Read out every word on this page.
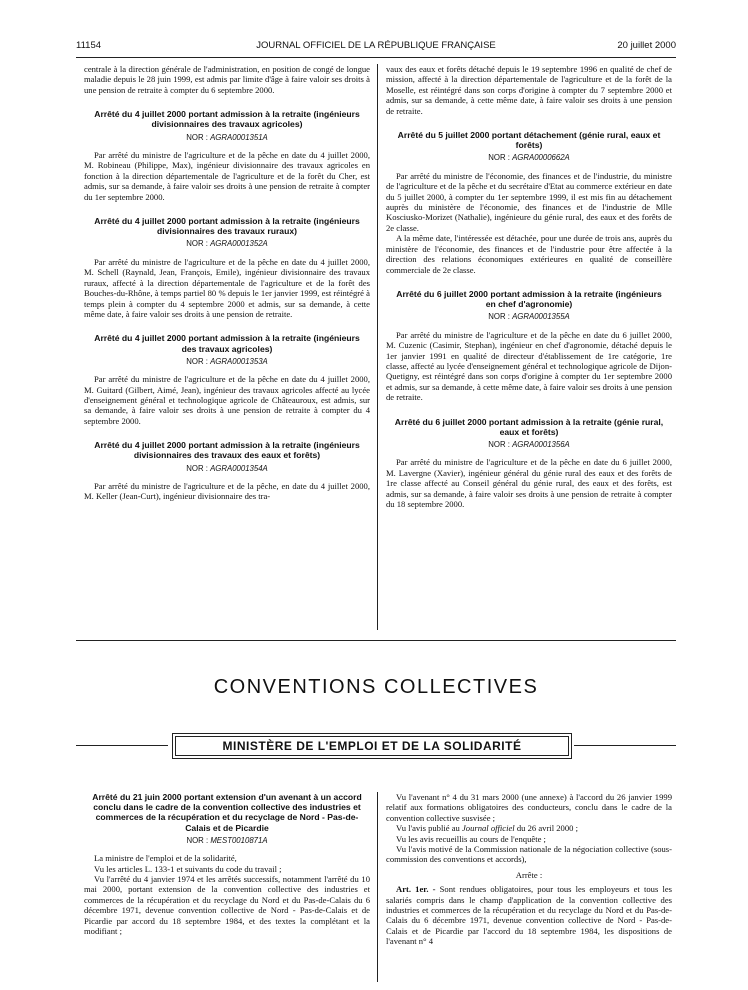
11154	JOURNAL OFFICIEL DE LA RÉPUBLIQUE FRANÇAISE	20 juillet 2000

centrale à la direction générale de l'administration, en position de congé de longue maladie depuis le 28 juin 1999, est admis par limite d'âge à faire valoir ses droits à une pension de retraite à compter du 6 septembre 2000.

Arrêté du 4 juillet 2000 portant admission à la retraite (ingénieurs divisionnaires des travaux agricoles)
NOR : AGRA0001351A

Par arrêté du ministre de l'agriculture et de la pêche en date du 4 juillet 2000, M. Robineau (Philippe, Max), ingénieur divisionnaire des travaux agricoles en fonction à la direction départementale de l'agriculture et de la forêt du Cher, est admis, sur sa demande, à faire valoir ses droits à une pension de retraite à compter du 1er septembre 2000.

Arrêté du 4 juillet 2000 portant admission à la retraite (ingénieurs divisionnaires des travaux ruraux)
NOR : AGRA0001352A

Par arrêté du ministre de l'agriculture et de la pêche en date du 4 juillet 2000, M. Schell (Raynald, Jean, François, Emile), ingénieur divisionnaire des travaux ruraux, affecté à la direction départementale de l'agriculture et de la forêt des Bouches-du-Rhône, à temps partiel 80 % depuis le 1er janvier 1999, est réintégré à temps plein à compter du 4 septembre 2000 et admis, sur sa demande, à cette même date, à faire valoir ses droits à une pension de retraite.

Arrêté du 4 juillet 2000 portant admission à la retraite (ingénieurs des travaux agricoles)
NOR : AGRA0001353A

Par arrêté du ministre de l'agriculture et de la pêche en date du 4 juillet 2000, M. Guitard (Gilbert, Aimé, Jean), ingénieur des travaux agricoles affecté au lycée d'enseignement général et technologique agricole de Châteauroux, est admis, sur sa demande, à faire valoir ses droits à une pension de retraite à compter du 4 septembre 2000.

Arrêté du 4 juillet 2000 portant admission à la retraite (ingénieurs divisionnaires des travaux des eaux et forêts)
NOR : AGRA0001354A

Par arrêté du ministre de l'agriculture et de la pêche, en date du 4 juillet 2000, M. Keller (Jean-Curt), ingénieur divisionnaire des tra-

vaux des eaux et forêts détaché depuis le 19 septembre 1996 en qualité de chef de mission, affecté à la direction départementale de l'agriculture et de la forêt de la Moselle, est réintégré dans son corps d'origine à compter du 7 septembre 2000 et admis, sur sa demande, à cette même date, à faire valoir ses droits à une pension de retraite.

Arrêté du 5 juillet 2000 portant détachement (génie rural, eaux et forêts)
NOR : AGRA0000662A

Par arrêté du ministre de l'économie, des finances et de l'industrie, du ministre de l'agriculture et de la pêche et du secrétaire d'Etat au commerce extérieur en date du 5 juillet 2000, à compter du 1er septembre 1999, il est mis fin au détachement auprès du ministère de l'économie, des finances et de l'industrie de Mlle Kosciusko-Morizet (Nathalie), ingénieure du génie rural, des eaux et des forêts de 2e classe.

A la même date, l'intéressée est détachée, pour une durée de trois ans, auprès du ministère de l'économie, des finances et de l'industrie pour être affectée à la direction des relations économiques extérieures en qualité de conseillère commerciale de 2e classe.

Arrêté du 6 juillet 2000 portant admission à la retraite (ingénieurs en chef d'agronomie)
NOR : AGRA0001355A

Par arrêté du ministre de l'agriculture et de la pêche en date du 6 juillet 2000, M. Cuzenic (Casimir, Stephan), ingénieur en chef d'agronomie, détaché depuis le 1er janvier 1991 en qualité de directeur d'établissement de 1re catégorie, 1re classe, affecté au lycée d'enseignement général et technologique agricole de Dijon-Quetigny, est réintégré dans son corps d'origine à compter du 1er septembre 2000 et admis, sur sa demande, à cette même date, à faire valoir ses droits à une pension de retraite.

Arrêté du 6 juillet 2000 portant admission à la retraite (génie rural, eaux et forêts)
NOR : AGRA0001356A

Par arrêté du ministre de l'agriculture et de la pêche en date du 6 juillet 2000, M. Lavergne (Xavier), ingénieur général du génie rural des eaux et des forêts de 1re classe affecté au Conseil général du génie rural, des eaux et des forêts, est admis, sur sa demande, à faire valoir ses droits à une pension de retraite à compter du 18 septembre 2000.

CONVENTIONS COLLECTIVES
MINISTÈRE DE L'EMPLOI ET DE LA SOLIDARITÉ
Arrêté du 21 juin 2000 portant extension d'un avenant à un accord conclu dans le cadre de la convention collective des industries et commerces de la récupération et du recyclage de Nord - Pas-de-Calais et de Picardie
NOR : MEST0010871A

La ministre de l'emploi et de la solidarité,

Vu les articles L. 133-1 et suivants du code du travail ;

Vu l'arrêté du 4 janvier 1974 et les arrêtés successifs, notamment l'arrêté du 10 mai 2000, portant extension de la convention collective des industries et commerces de la récupération et du recyclage du Nord et du Pas-de-Calais du 6 décembre 1971, devenue convention collective de Nord - Pas-de-Calais et de Picardie par accord du 18 septembre 1984, et des textes la complétant et la modifiant ;

Vu l'avenant n° 4 du 31 mars 2000 (une annexe) à l'accord du 26 janvier 1999 relatif aux formations obligatoires des conducteurs, conclu dans le cadre de la convention collective susvisée ;

Vu l'avis publié au Journal officiel du 26 avril 2000 ;

Vu les avis recueillis au cours de l'enquête ;

Vu l'avis motivé de la Commission nationale de la négociation collective (sous-commission des conventions et accords),

Arrête :

Art. 1er. - Sont rendues obligatoires, pour tous les employeurs et tous les salariés compris dans le champ d'application de la convention collective des industries et commerces de la récupération et du recyclage du Nord et du Pas-de-Calais du 6 décembre 1971, devenue convention collective de Nord - Pas-de-Calais et de Picardie par l'accord du 18 septembre 1984, les dispositions de l'avenant n° 4
